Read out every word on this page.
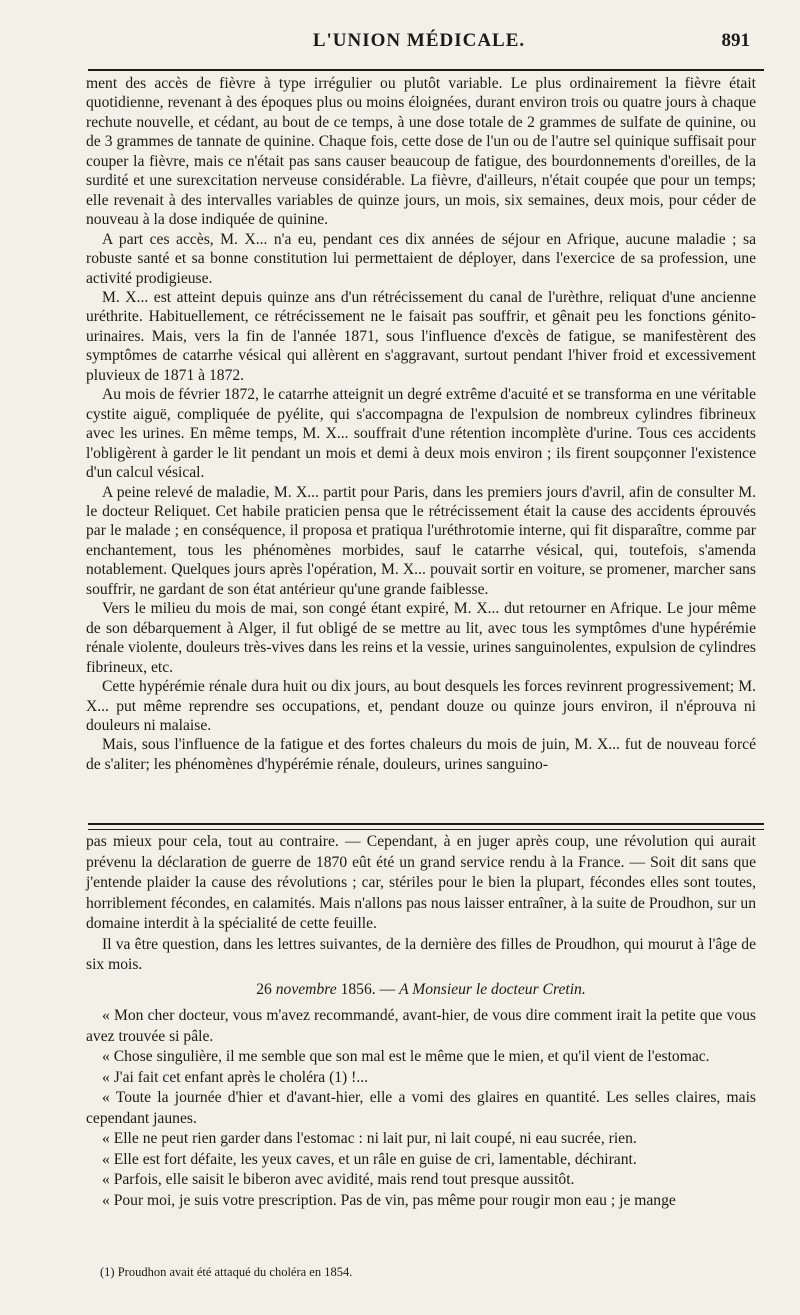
L'UNION MÉDICALE.	891

ment des accès de fièvre à type irrégulier ou plutôt variable. Le plus ordinairement la fièvre était quotidienne, revenant à des époques plus ou moins éloignées, durant environ trois ou quatre jours à chaque rechute nouvelle, et cédant, au bout de ce temps, à une dose totale de 2 grammes de sulfate de quinine, ou de 3 grammes de tannate de quinine. Chaque fois, cette dose de l'un ou de l'autre sel quinique suffisait pour couper la fièvre, mais ce n'était pas sans causer beaucoup de fatigue, des bourdonnements d'oreilles, de la surdité et une surexcitation nerveuse considérable. La fièvre, d'ailleurs, n'était coupée que pour un temps; elle revenait à des intervalles variables de quinze jours, un mois, six semaines, deux mois, pour céder de nouveau à la dose indiquée de quinine.

A part ces accès, M. X... n'a eu, pendant ces dix années de séjour en Afrique, aucune maladie ; sa robuste santé et sa bonne constitution lui permettaient de déployer, dans l'exercice de sa profession, une activité prodigieuse.

M. X... est atteint depuis quinze ans d'un rétrécissement du canal de l'urèthre, reliquat d'une ancienne uréthrite. Habituellement, ce rétrécissement ne le faisait pas souffrir, et gênait peu les fonctions génito-urinaires. Mais, vers la fin de l'année 1871, sous l'influence d'excès de fatigue, se manifestèrent des symptômes de catarrhe vésical qui allèrent en s'aggravant, surtout pendant l'hiver froid et excessivement pluvieux de 1871 à 1872.

Au mois de février 1872, le catarrhe atteignit un degré extrême d'acuité et se transforma en une véritable cystite aiguë, compliquée de pyélite, qui s'accompagna de l'expulsion de nombreux cylindres fibrineux avec les urines. En même temps, M. X... souffrait d'une rétention incomplète d'urine. Tous ces accidents l'obligèrent à garder le lit pendant un mois et demi à deux mois environ ; ils firent soupçonner l'existence d'un calcul vésical.

A peine relevé de maladie, M. X... partit pour Paris, dans les premiers jours d'avril, afin de consulter M. le docteur Reliquet. Cet habile praticien pensa que le rétrécissement était la cause des accidents éprouvés par le malade ; en conséquence, il proposa et pratiqua l'uréthrotomie interne, qui fit disparaître, comme par enchantement, tous les phénomènes morbides, sauf le catarrhe vésical, qui, toutefois, s'amenda notablement. Quelques jours après l'opération, M. X... pouvait sortir en voiture, se promener, marcher sans souffrir, ne gardant de son état antérieur qu'une grande faiblesse.

Vers le milieu du mois de mai, son congé étant expiré, M. X... dut retourner en Afrique. Le jour même de son débarquement à Alger, il fut obligé de se mettre au lit, avec tous les symptômes d'une hypérémie rénale violente, douleurs très-vives dans les reins et la vessie, urines sanguinolentes, expulsion de cylindres fibrineux, etc.

Cette hypérémie rénale dura huit ou dix jours, au bout desquels les forces revinrent progressivement; M. X... put même reprendre ses occupations, et, pendant douze ou quinze jours environ, il n'éprouva ni douleurs ni malaise.

Mais, sous l'influence de la fatigue et des fortes chaleurs du mois de juin, M. X... fut de nouveau forcé de s'aliter; les phénomènes d'hypérémie rénale, douleurs, urines sanguino-

pas mieux pour cela, tout au contraire. — Cependant, à en juger après coup, une révolution qui aurait prévenu la déclaration de guerre de 1870 eût été un grand service rendu à la France. — Soit dit sans que j'entende plaider la cause des révolutions ; car, stériles pour le bien la plupart, fécondes elles sont toutes, horriblement fécondes, en calamités. Mais n'allons pas nous laisser entraîner, à la suite de Proudhon, sur un domaine interdit à la spécialité de cette feuille.

Il va être question, dans les lettres suivantes, de la dernière des filles de Proudhon, qui mourut à l'âge de six mois.

26 novembre 1856. — A Monsieur le docteur Cretin.

« Mon cher docteur, vous m'avez recommandé, avant-hier, de vous dire comment irait la petite que vous avez trouvée si pâle.

« Chose singulière, il me semble que son mal est le même que le mien, et qu'il vient de l'estomac.

« J'ai fait cet enfant après le choléra (1) !...

« Toute la journée d'hier et d'avant-hier, elle a vomi des glaires en quantité. Les selles claires, mais cependant jaunes.

« Elle ne peut rien garder dans l'estomac : ni lait pur, ni lait coupé, ni eau sucrée, rien.

« Elle est fort défaite, les yeux caves, et un râle en guise de cri, lamentable, déchirant.

« Parfois, elle saisit le biberon avec avidité, mais rend tout presque aussitôt.

« Pour moi, je suis votre prescription. Pas de vin, pas même pour rougir mon eau ; je mange

(1) Proudhon avait été attaqué du choléra en 1854.
